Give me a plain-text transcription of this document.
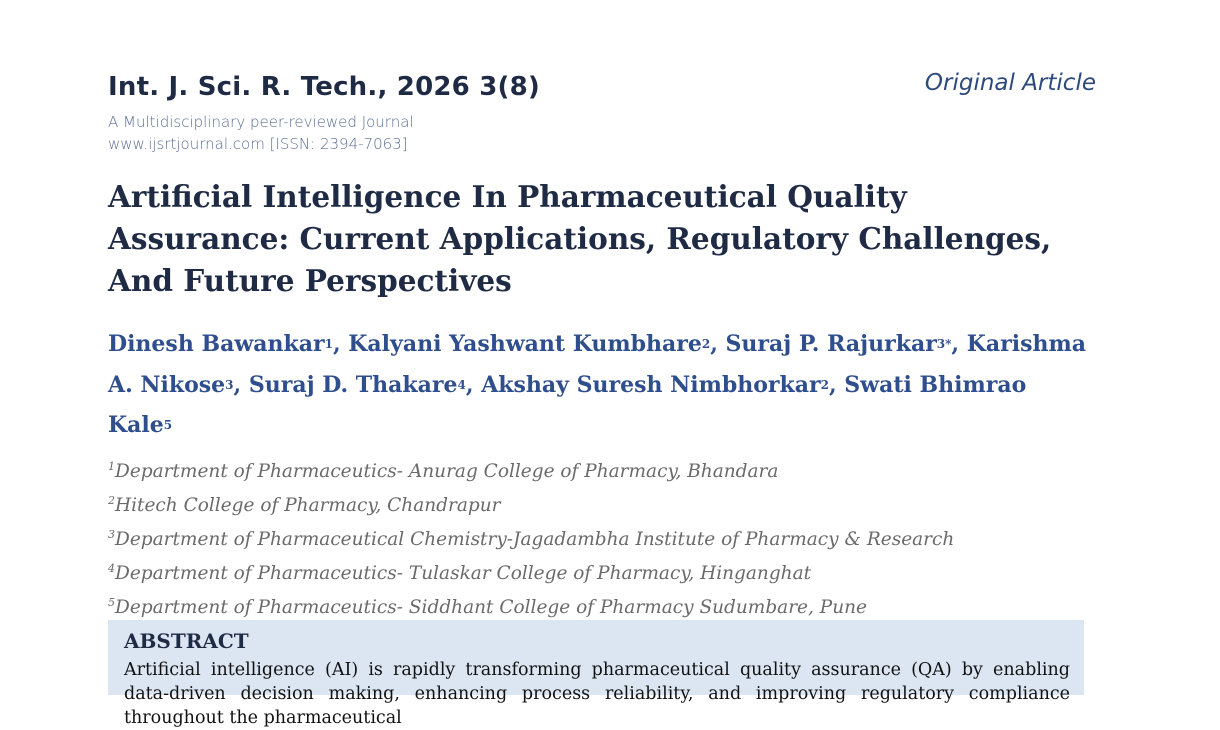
Int. J. Sci. R. Tech., 2026 3(8)	Original Article
A Multidisciplinary peer-reviewed Journal
www.ijsrtjournal.com [ISSN: 2394-7063]
Artificial Intelligence In Pharmaceutical Quality Assurance: Current Applications, Regulatory Challenges, And Future Perspectives
Dinesh Bawankar$^1$, Kalyani Yashwant Kumbhare$^2$, Suraj P. Rajurkar$^{3*}$, Karishma A. Nikose$^3$, Suraj D. Thakare$^4$, Akshay Suresh Nimbhorkar$^2$, Swati Bhimrao Kale$^5$
$^1$Department of Pharmaceutics- Anurag College of Pharmacy, Bhandara
$^2$Hitech College of Pharmacy, Chandrapur
$^3$Department of Pharmaceutical Chemistry-Jagadambha Institute of Pharmacy & Research
$^4$Department of Pharmaceutics- Tulaskar College of Pharmacy, Hinganghat
$^5$Department of Pharmaceutics- Siddhant College of Pharmacy Sudumbare, Pune
ABSTRACT
Artificial intelligence (AI) is rapidly transforming pharmaceutical quality assurance (QA) by enabling data-driven decision making, enhancing process reliability, and improving regulatory compliance throughout the pharmaceutical
